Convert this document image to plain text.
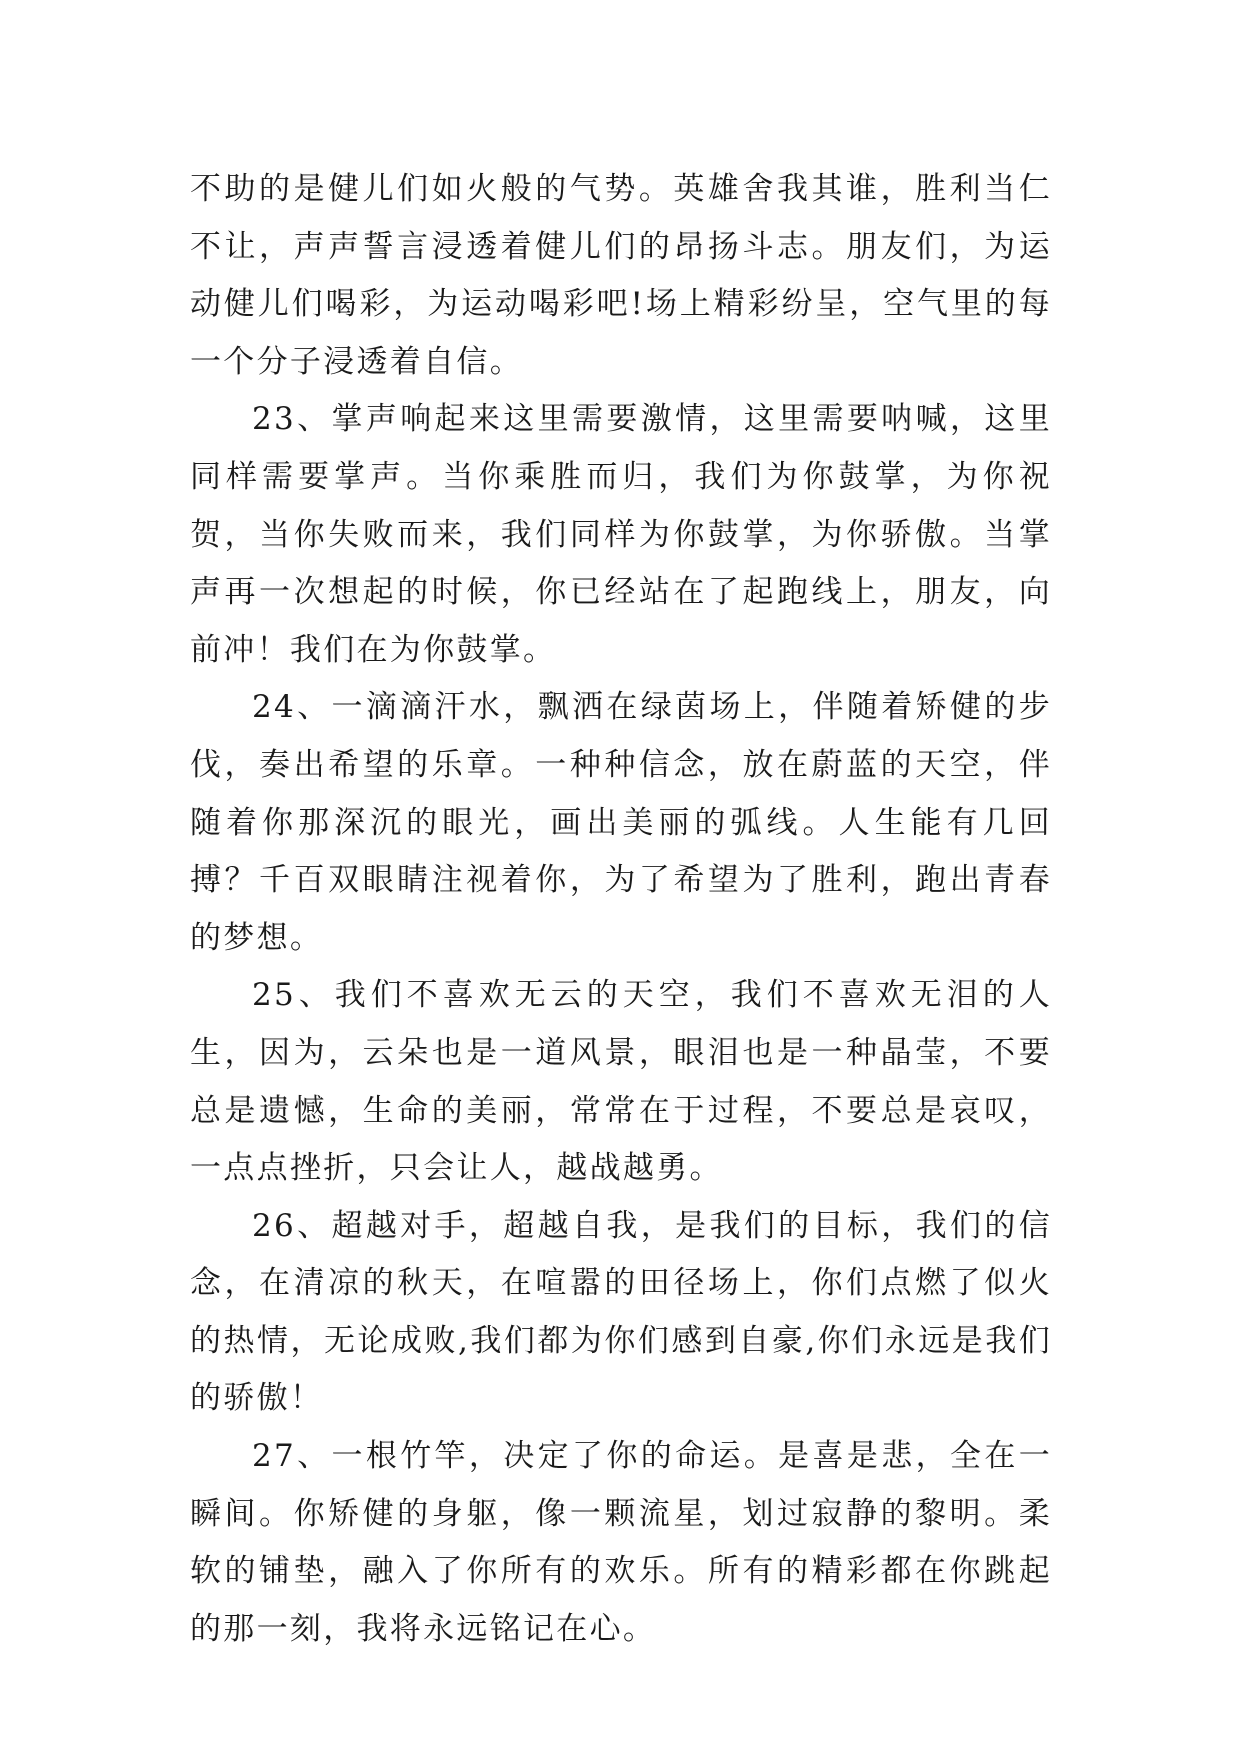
不助的是健儿们如火般的气势。英雄舍我其谁，胜利当仁不让，声声誓言浸透着健儿们的昂扬斗志。朋友们，为运动健儿们喝彩，为运动喝彩吧!场上精彩纷呈，空气里的每一个分子浸透着自信。

23、掌声响起来这里需要激情，这里需要呐喊，这里同样需要掌声。当你乘胜而归，我们为你鼓掌，为你祝贺，当你失败而来，我们同样为你鼓掌，为你骄傲。当掌声再一次想起的时候，你已经站在了起跑线上，朋友，向前冲！我们在为你鼓掌。

24、一滴滴汗水，飘洒在绿茵场上，伴随着矫健的步伐，奏出希望的乐章。一种种信念，放在蔚蓝的天空，伴随着你那深沉的眼光，画出美丽的弧线。人生能有几回搏？千百双眼睛注视着你，为了希望为了胜利，跑出青春的梦想。

25、我们不喜欢无云的天空，我们不喜欢无泪的人生，因为，云朵也是一道风景，眼泪也是一种晶莹，不要总是遗憾，生命的美丽，常常在于过程，不要总是哀叹，一点点挫折，只会让人，越战越勇。

26、超越对手，超越自我，是我们的目标，我们的信念，在清凉的秋天，在喧嚣的田径场上，你们点燃了似火的热情，无论成败,我们都为你们感到自豪,你们永远是我们的骄傲！

27、一根竹竿，决定了你的命运。是喜是悲，全在一瞬间。你矫健的身躯，像一颗流星，划过寂静的黎明。柔软的铺垫，融入了你所有的欢乐。所有的精彩都在你跳起的那一刻，我将永远铭记在心。
